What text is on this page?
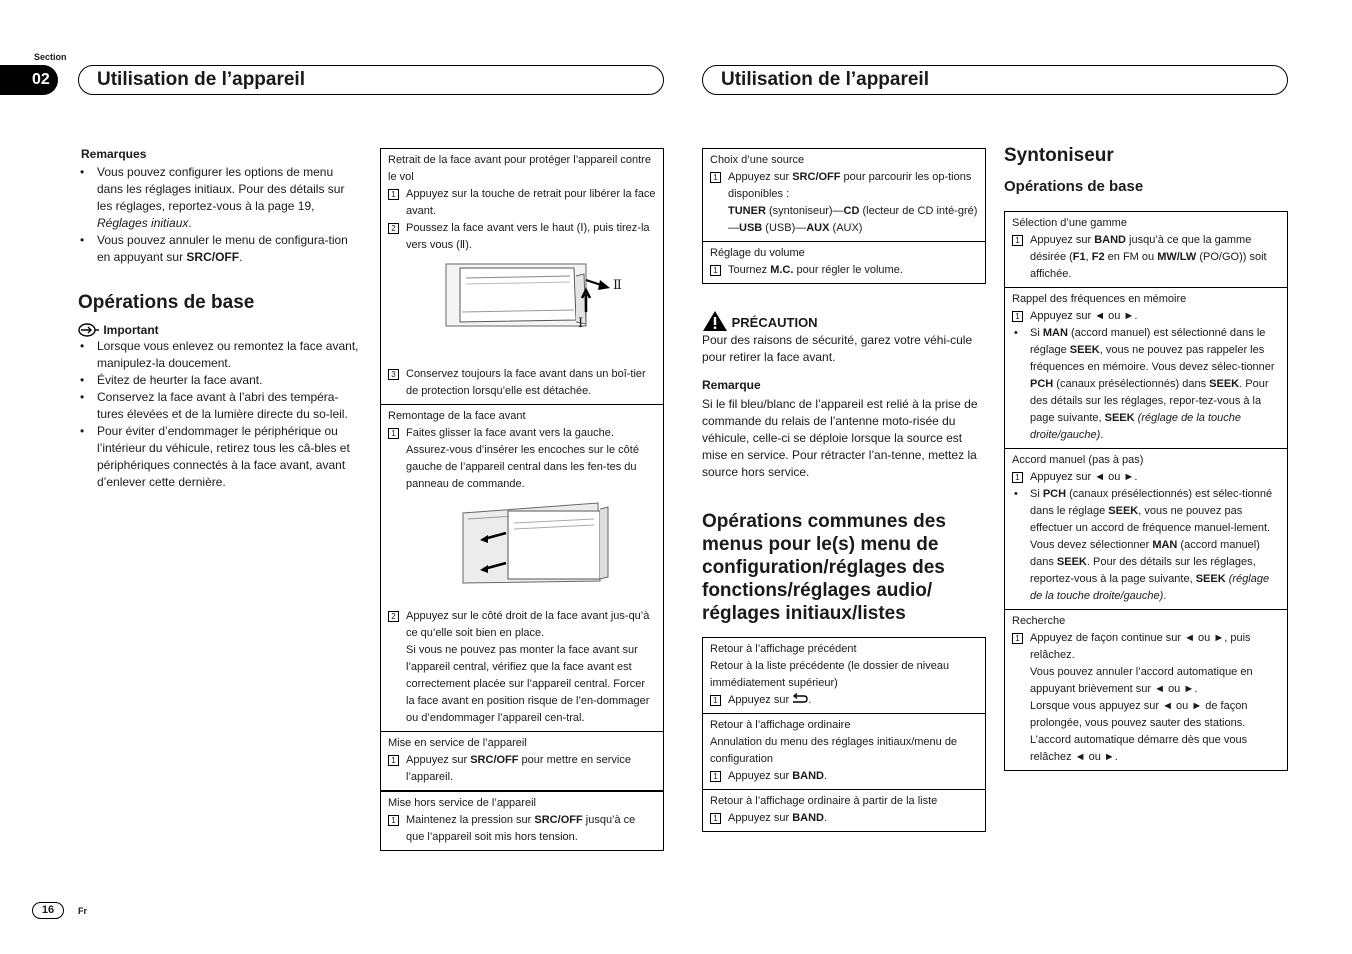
Section
02	Utilisation de l’appareil	Utilisation de l’appareil
Remarques
• Vous pouvez configurer les options de menu dans les réglages initiaux. Pour des détails sur les réglages, reportez-vous à la page 19, Réglages initiaux.
• Vous pouvez annuler le menu de configura-tion en appuyant sur SRC/OFF.
Opérations de base
Important
• Lorsque vous enlevez ou remontez la face avant, manipulez-la doucement.
• Évitez de heurter la face avant.
• Conservez la face avant à l’abri des tempéra-tures élevées et de la lumière directe du so-leil.
• Pour éviter d’endommager le périphérique ou l’intérieur du véhicule, retirez tous les câ-bles et périphériques connectés à la face avant, avant d’enlever cette dernière.
Retrait de la face avant pour protéger l’appareil contre le vol
1 Appuyez sur la touche de retrait pour libérer la face avant.
2 Poussez la face avant vers le haut (Ⅰ), puis tirez-la vers vous (Ⅱ).
Ⅱ
Ⅰ
3 Conservez toujours la face avant dans un boî-tier de protection lorsqu’elle est détachée.
Remontage de la face avant
1 Faites glisser la face avant vers la gauche. Assurez-vous d’insérer les encoches sur le côté gauche de l’appareil central dans les fen-tes du panneau de commande.
2 Appuyez sur le côté droit de la face avant jus-qu’à ce qu’elle soit bien en place.
Si vous ne pouvez pas monter la face avant sur l’appareil central, vérifiez que la face avant est correctement placée sur l’appareil central. Forcer la face avant en position risque de l’en-dommager ou d’endommager l’appareil cen-tral.
Mise en service de l’appareil
1 Appuyez sur SRC/OFF pour mettre en service l’appareil.
Mise hors service de l’appareil
1 Maintenez la pression sur SRC/OFF jusqu’à ce que l’appareil soit mis hors tension.
Choix d’une source
1 Appuyez sur SRC/OFF pour parcourir les op-tions disponibles :
TUNER (syntoniseur)—CD (lecteur de CD inté-gré)—USB (USB)—AUX (AUX)
Réglage du volume
1 Tournez M.C. pour régler le volume.
PRÉCAUTION
Pour des raisons de sécurité, garez votre véhi-cule pour retirer la face avant.
Remarque
Si le fil bleu/blanc de l’appareil est relié à la prise de commande du relais de l’antenne moto-risée du véhicule, celle-ci se déploie lorsque la source est mise en service. Pour rétracter l’an-tenne, mettez la source hors service.
Opérations communes des menus pour le(s) menu de configuration/réglages des fonctions/réglages audio/ réglages initiaux/listes
Retour à l’affichage précédent
Retour à la liste précédente (le dossier de niveau immédiatement supérieur)
1 Appuyez sur .
Retour à l’affichage ordinaire
Annulation du menu des réglages initiaux/menu de configuration
1 Appuyez sur BAND.
Retour à l’affichage ordinaire à partir de la liste
1 Appuyez sur BAND.
Syntoniseur
Opérations de base
Sélection d’une gamme
1 Appuyez sur BAND jusqu’à ce que la gamme désirée (F1, F2 en FM ou MW/LW (PO/GO)) soit affichée.
Rappel des fréquences en mémoire
1 Appuyez sur ◄ ou ►.
• Si MAN (accord manuel) est sélectionné dans le réglage SEEK, vous ne pouvez pas rappeler les fréquences en mémoire. Vous devez sélec-tionner PCH (canaux présélectionnés) dans SEEK. Pour des détails sur les réglages, repor-tez-vous à la page suivante, SEEK (réglage de la touche droite/gauche).
Accord manuel (pas à pas)
1 Appuyez sur ◄ ou ►.
• Si PCH (canaux présélectionnés) est sélec-tionné dans le réglage SEEK, vous ne pouvez pas effectuer un accord de fréquence manuel-lement. Vous devez sélectionner MAN (accord manuel) dans SEEK. Pour des détails sur les réglages, reportez-vous à la page suivante, SEEK (réglage de la touche droite/gauche).
Recherche
1 Appuyez de façon continue sur ◄ ou ►, puis relâchez.
Vous pouvez annuler l’accord automatique en appuyant brièvement sur ◄ ou ►.
Lorsque vous appuyez sur ◄ ou ► de façon prolongée, vous pouvez sauter des stations. L’accord automatique démarre dès que vous relâchez ◄ ou ►.
16	Fr
